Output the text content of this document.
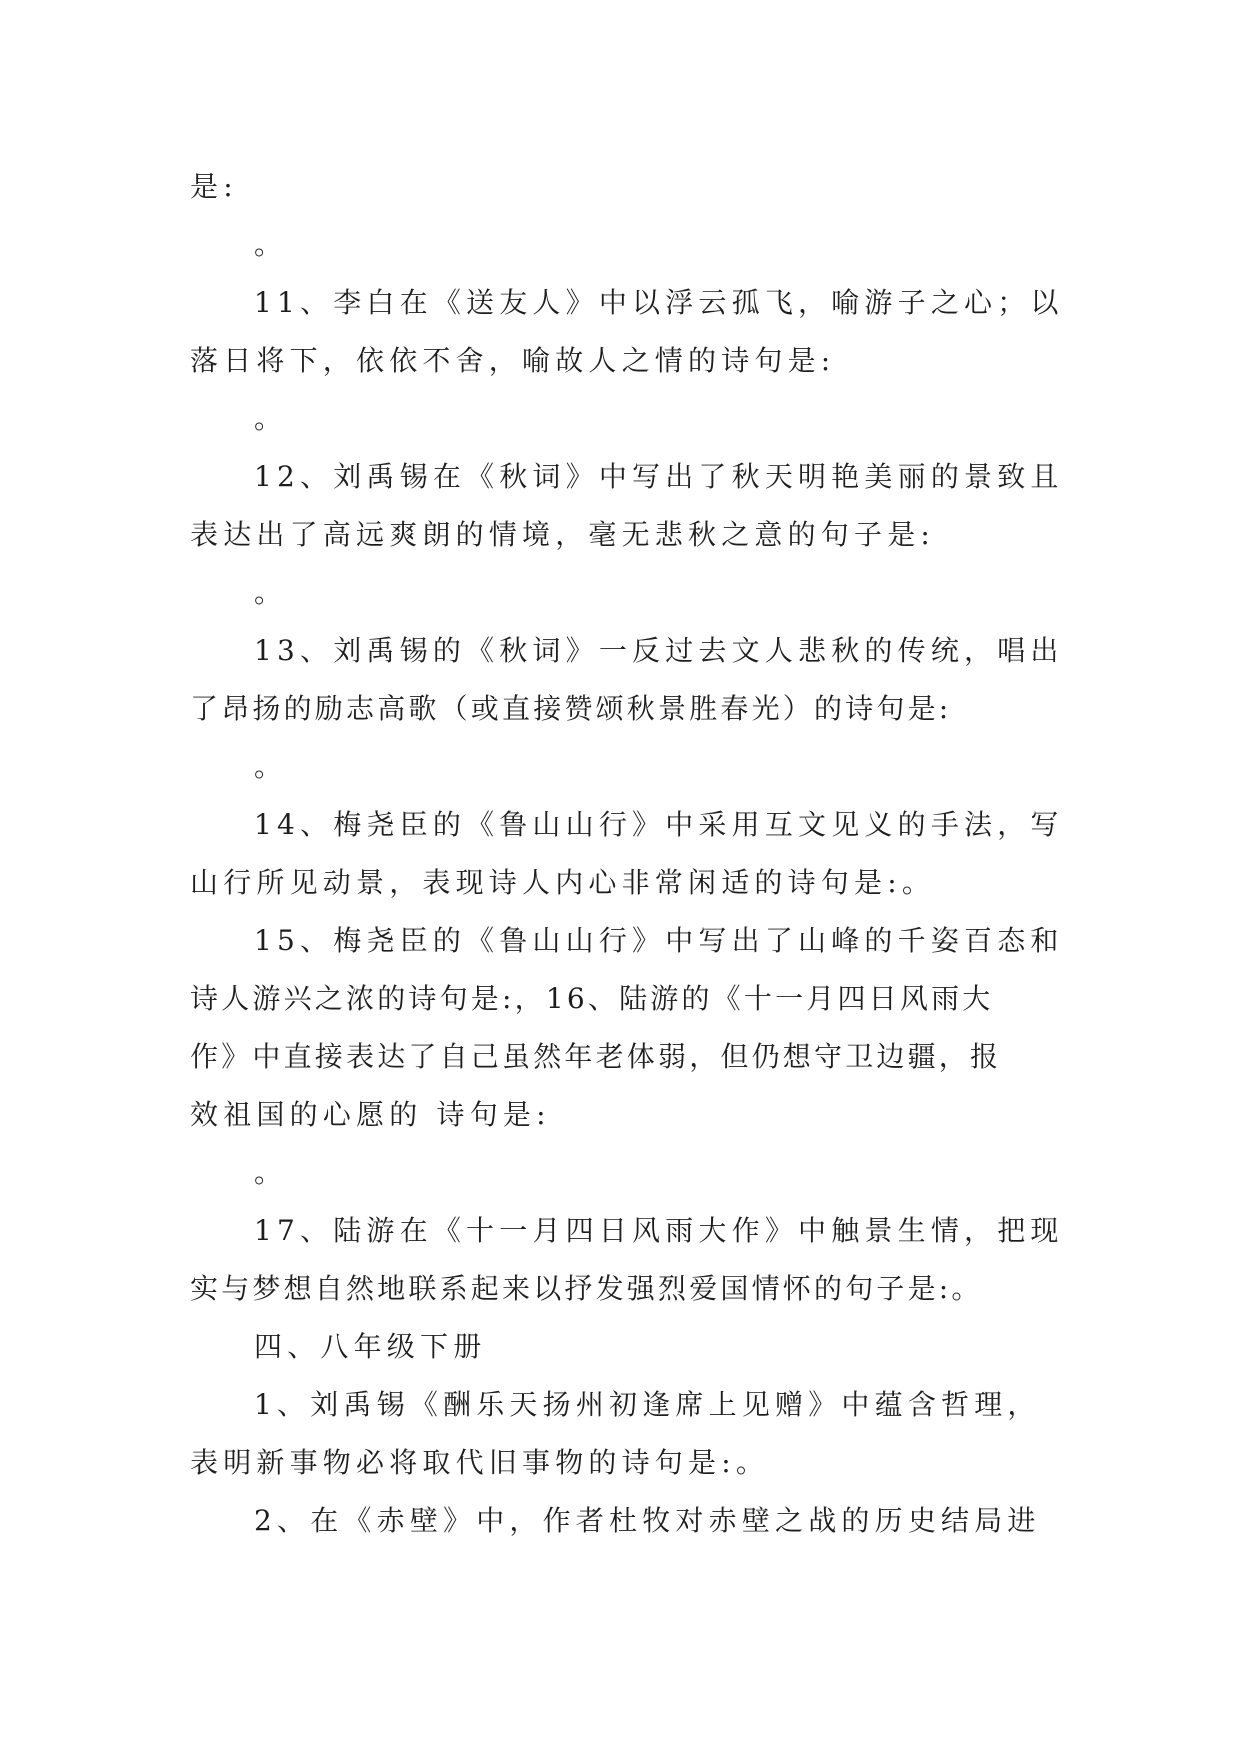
是:
。
11、李白在《送友人》中以浮云孤飞，喻游子之心；以
落日将下，依依不舍，喻故人之情的诗句是:
。
12、刘禹锡在《秋词》中写出了秋天明艳美丽的景致且
表达出了高远爽朗的情境，毫无悲秋之意的句子是:
。
13、刘禹锡的《秋词》一反过去文人悲秋的传统，唱出
了昂扬的励志高歌（或直接赞颂秋景胜春光）的诗句是:
。
14、梅尧臣的《鲁山山行》中采用互文见义的手法，写
山行所见动景，表现诗人内心非常闲适的诗句是:。
15、梅尧臣的《鲁山山行》中写出了山峰的千姿百态和
诗人游兴之浓的诗句是:，16、陆游的《十一月四日风雨大
作》中直接表达了自己虽然年老体弱，但仍想守卫边疆，报
效祖国的心愿的 诗句是:
。
17、陆游在《十一月四日风雨大作》中触景生情，把现
实与梦想自然地联系起来以抒发强烈爱国情怀的句子是:。
四、八年级下册
1、刘禹锡《酬乐天扬州初逢席上见赠》中蕴含哲理，
表明新事物必将取代旧事物的诗句是:。
2、在《赤壁》中，作者杜牧对赤壁之战的历史结局进
